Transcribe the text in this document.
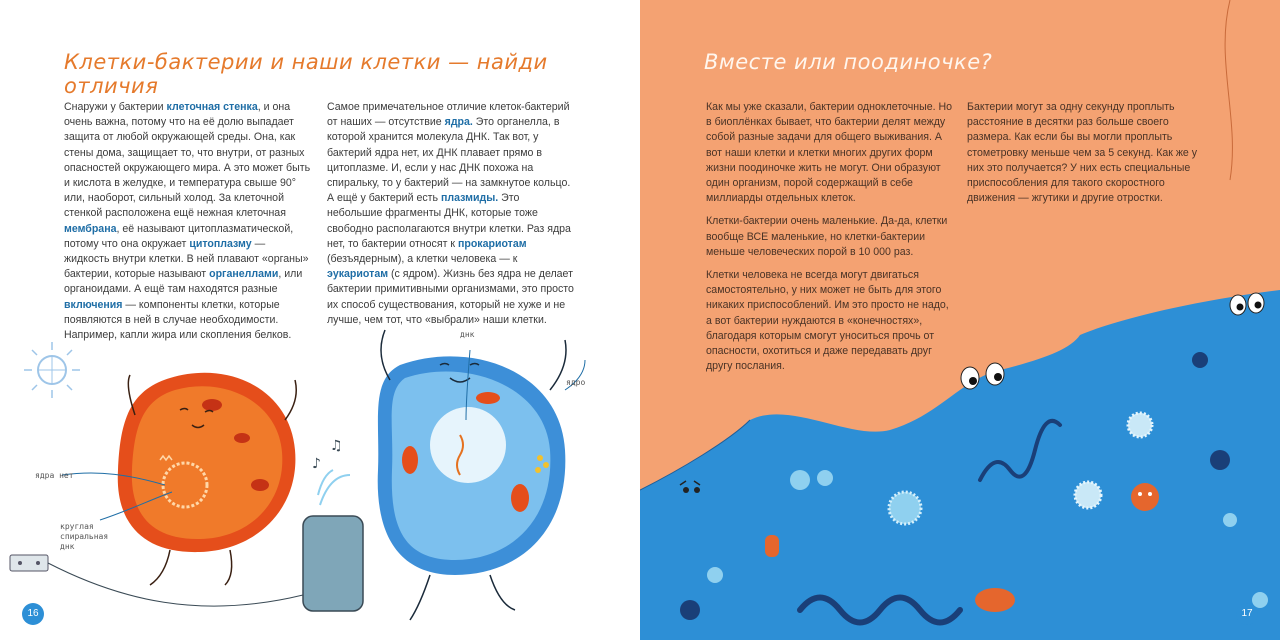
Клетки-бактерии и наши клетки — найди отличия

Снаружи у бактерии клеточная стенка, и она очень важна, потому что на её долю выпадает защита от любой окружающей среды. Она, как стены дома, защищает то, что внутри, от разных опасностей окружающего мира. А это может быть и кислота в желудке, и температура свыше 90° или, наоборот, сильный холод. За клеточной стенкой расположена ещё нежная клеточная мембрана, её называют цитоплазматической, потому что она окружает цитоплазму — жидкость внутри клетки. В ней плавают «органы» бактерии, которые называют органеллами, или органоидами. А ещё там находятся разные включения — компоненты клетки, которые появляются в ней в случае необходимости. Например, капли жира или скопления белков.

Самое примечательное отличие клеток-бактерий от наших — отсутствие ядра. Это органелла, в которой хранится молекула ДНК. Так вот, у бактерий ядра нет, их ДНК плавает прямо в цитоплазме. И, если у нас ДНК похожа на спиральку, то у бактерий — на замкнутое кольцо. А ещё у бактерий есть плазмиды. Это небольшие фрагменты ДНК, которые тоже свободно располагаются внутри клетки. Раз ядра нет, то бактерии относят к прокариотам (безъядерным), а клетки человека — к эукариотам (с ядром). Жизнь без ядра не делает бактерии примитивными организмами, это просто их способ существования, который не хуже и не лучше, чем тот, что «выбрали» наши клетки.

♪
♫
ядра нет
круглая спиральная днк
днк
ядро
16
Вместе или поодиночке?

Как мы уже сказали, бактерии одноклеточные. Но в биоплёнках бывает, что бактерии делят между собой разные задачи для общего выживания. А вот наши клетки и клетки многих других форм жизни поодиночке жить не могут. Они образуют один организм, порой содержащий в себе миллиарды отдельных клеток.

Клетки-бактерии очень маленькие. Да-да, клетки вообще ВСЕ маленькие, но клетки-бактерии меньше человеческих порой в 10 000 раз.

Клетки человека не всегда могут двигаться самостоятельно, у них может не быть для этого никаких приспособлений. Им это просто не надо, а вот бактерии нуждаются в «конечностях», благодаря которым смогут уноситься прочь от опасности, охотиться и даже передавать друг другу послания.

Бактерии могут за одну секунду проплыть расстояние в десятки раз больше своего размера. Как если бы вы могли проплыть стометровку меньше чем за 5 секунд. Как же у них это получается? У них есть специальные приспособления для такого скоростного движения — жгутики и другие отростки.

17
